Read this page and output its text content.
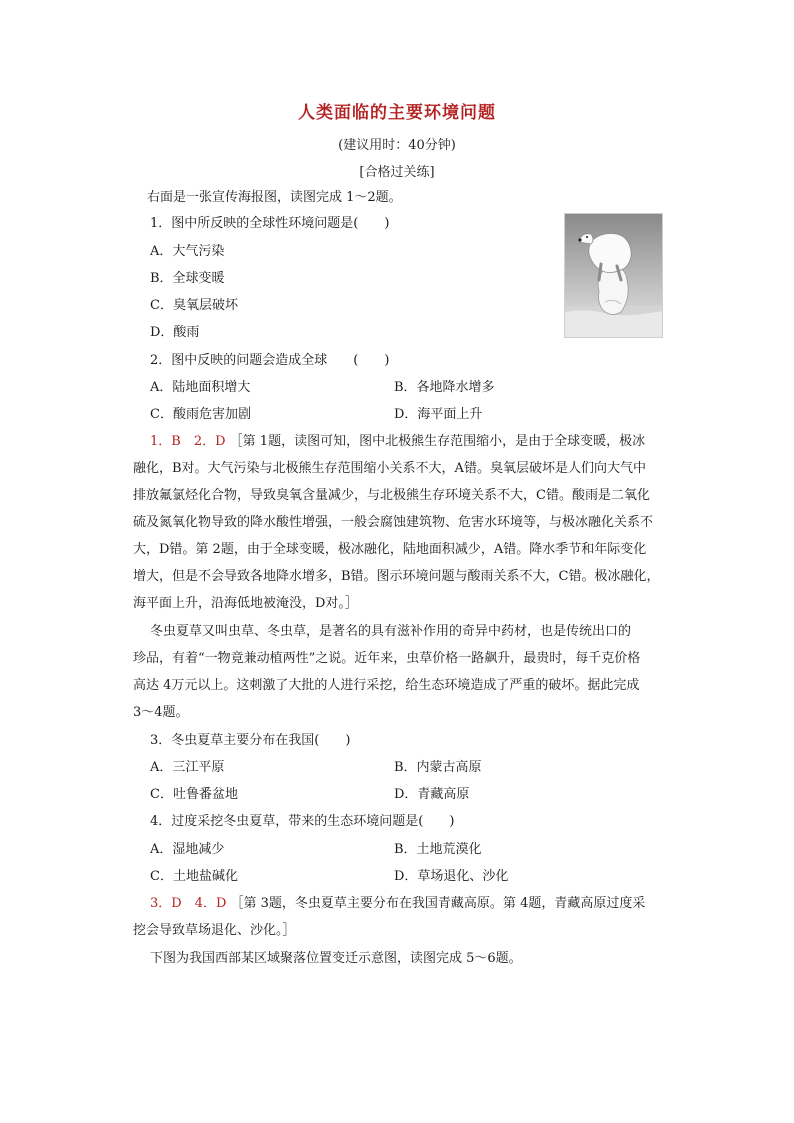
人类面临的主要环境问题
(建议用时：40分钟)
[合格过关练]
右面是一张宣传海报图，读图完成 1～2题。
1．图中所反映的全球性环境问题是(　　)
A．大气污染
B．全球变暖
C．臭氧层破坏
D．酸雨
2．图中反映的问题会造成全球　　(　　)
A．陆地面积增大	B．各地降水增多
C．酸雨危害加剧	D．海平面上升
1．B　2．D ［第 1题，读图可知，图中北极熊生存范围缩小，是由于全球变暖，极冰
融化，B对。大气污染与北极熊生存范围缩小关系不大，A错。臭氧层破坏是人们向大气中
排放氟氯烃化合物，导致臭氧含量减少，与北极熊生存环境关系不大，C错。酸雨是二氧化
硫及氮氧化物导致的降水酸性增强，一般会腐蚀建筑物、危害水环境等，与极冰融化关系不
大，D错。第 2题，由于全球变暖，极冰融化，陆地面积减少，A错。降水季节和年际变化
增大，但是不会导致各地降水增多，B错。图示环境问题与酸雨关系不大，C错。极冰融化，
海平面上升，沿海低地被淹没，D对。］
冬虫夏草又叫虫草、冬虫草，是著名的具有滋补作用的奇异中药材，也是传统出口的
珍品，有着“一物竟兼动植两性”之说。近年来，虫草价格一路飙升，最贵时，每千克价格
高达 4万元以上。这刺激了大批的人进行采挖，给生态环境造成了严重的破坏。据此完成
3～4题。
3．冬虫夏草主要分布在我国(　　)
A．三江平原	B．内蒙古高原
C．吐鲁番盆地	D．青藏高原
4．过度采挖冬虫夏草，带来的生态环境问题是(　　)
A．湿地减少	B．土地荒漠化
C．土地盐碱化	D．草场退化、沙化
3．D　4．D ［第 3题，冬虫夏草主要分布在我国青藏高原。第 4题，青藏高原过度采
挖会导致草场退化、沙化。］
下图为我国西部某区域聚落位置变迁示意图，读图完成 5～6题。
